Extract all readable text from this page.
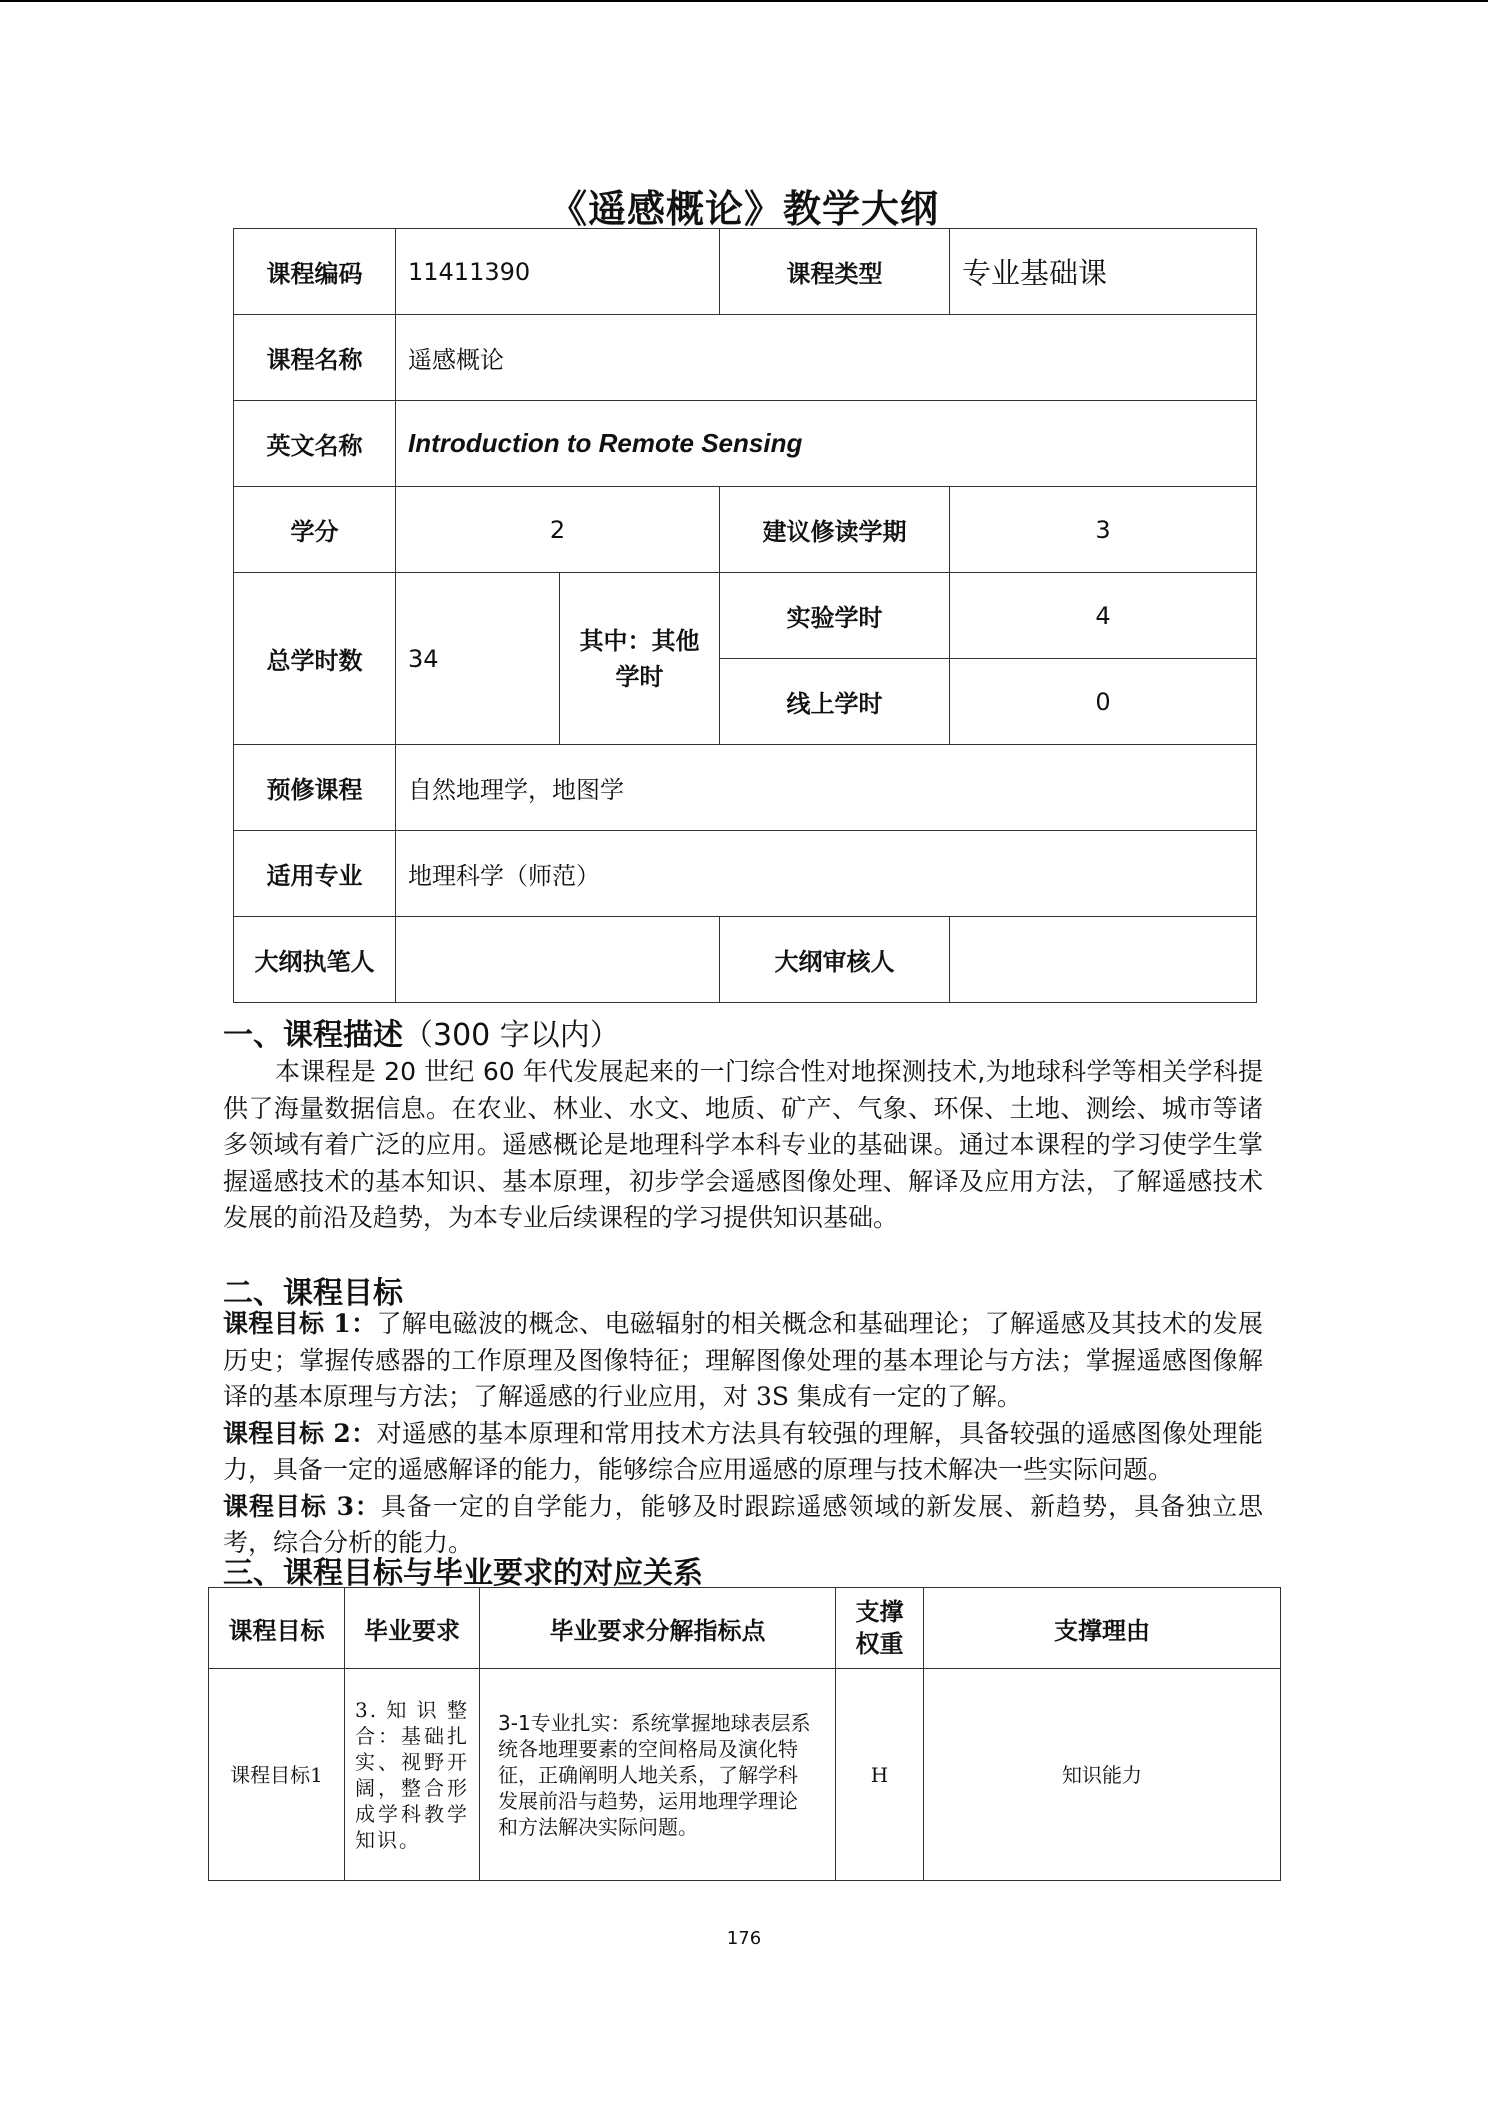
《遥感概论》教学大纲
课程编码	11411390		课程类型	专业基础课
课程名称	遥感概论			
英文名称	Introduction to Remote Sensing			
学分	2		建议修读学期	3
总学时数	34	其中：其他学时	实验学时	4
			线上学时	0
预修课程	自然地理学，地图学			
适用专业	地理科学（师范）			
大纲执笔人			大纲审核人	
一、课程描述（300 字以内）

本课程是 20 世纪 60 年代发展起来的一门综合性对地探测技术,为地球科学等相关学科提供了海量数据信息。在农业、林业、水文、地质、矿产、气象、环保、土地、测绘、城市等诸多领域有着广泛的应用。遥感概论是地理科学本科专业的基础课。通过本课程的学习使学生掌握遥感技术的基本知识、基本原理，初步学会遥感图像处理、解译及应用方法，了解遥感技术发展的前沿及趋势，为本专业后续课程的学习提供知识基础。

二、课程目标
课程目标 1：了解电磁波的概念、电磁辐射的相关概念和基础理论；了解遥感及其技术的发展历史；掌握传感器的工作原理及图像特征；理解图像处理的基本理论与方法；掌握遥感图像解译的基本原理与方法；了解遥感的行业应用，对 3S 集成有一定的了解。
课程目标 2：对遥感的基本原理和常用技术方法具有较强的理解，具备较强的遥感图像处理能力，具备一定的遥感解译的能力，能够综合应用遥感的原理与技术解决一些实际问题。
课程目标 3：具备一定的自学能力，能够及时跟踪遥感领域的新发展、新趋势，具备独立思考，综合分析的能力。
三、课程目标与毕业要求的对应关系
课程目标	毕业要求	毕业要求分解指标点	支撑权重	支撑理由
课程目标1	3.知识整合：基础扎实、视野开阔，整合形成学科教学知识。	3-1专业扎实：系统掌握地球表层系统各地理要素的空间格局及演化特征，正确阐明人地关系，了解学科发展前沿与趋势，运用地理学理论和方法解决实际问题。	H	知识能力
176
